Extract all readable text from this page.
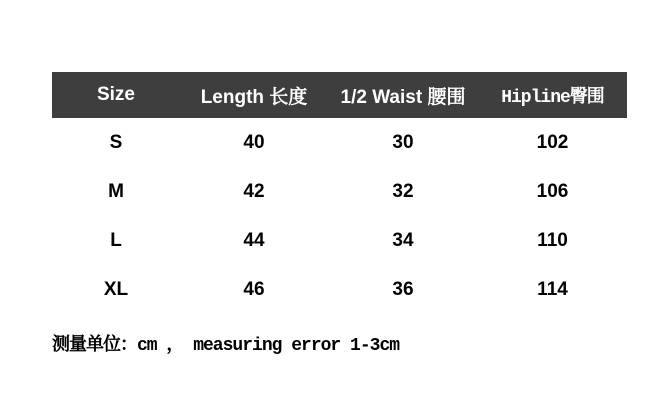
Size	Length 长度	1/2 Waist 腰围	Hipline臀围
S	40	30	102
M	42	32	106
L	44	34	110
XL	46	36	114
测量单位：cm ， measuring error 1-3cm
